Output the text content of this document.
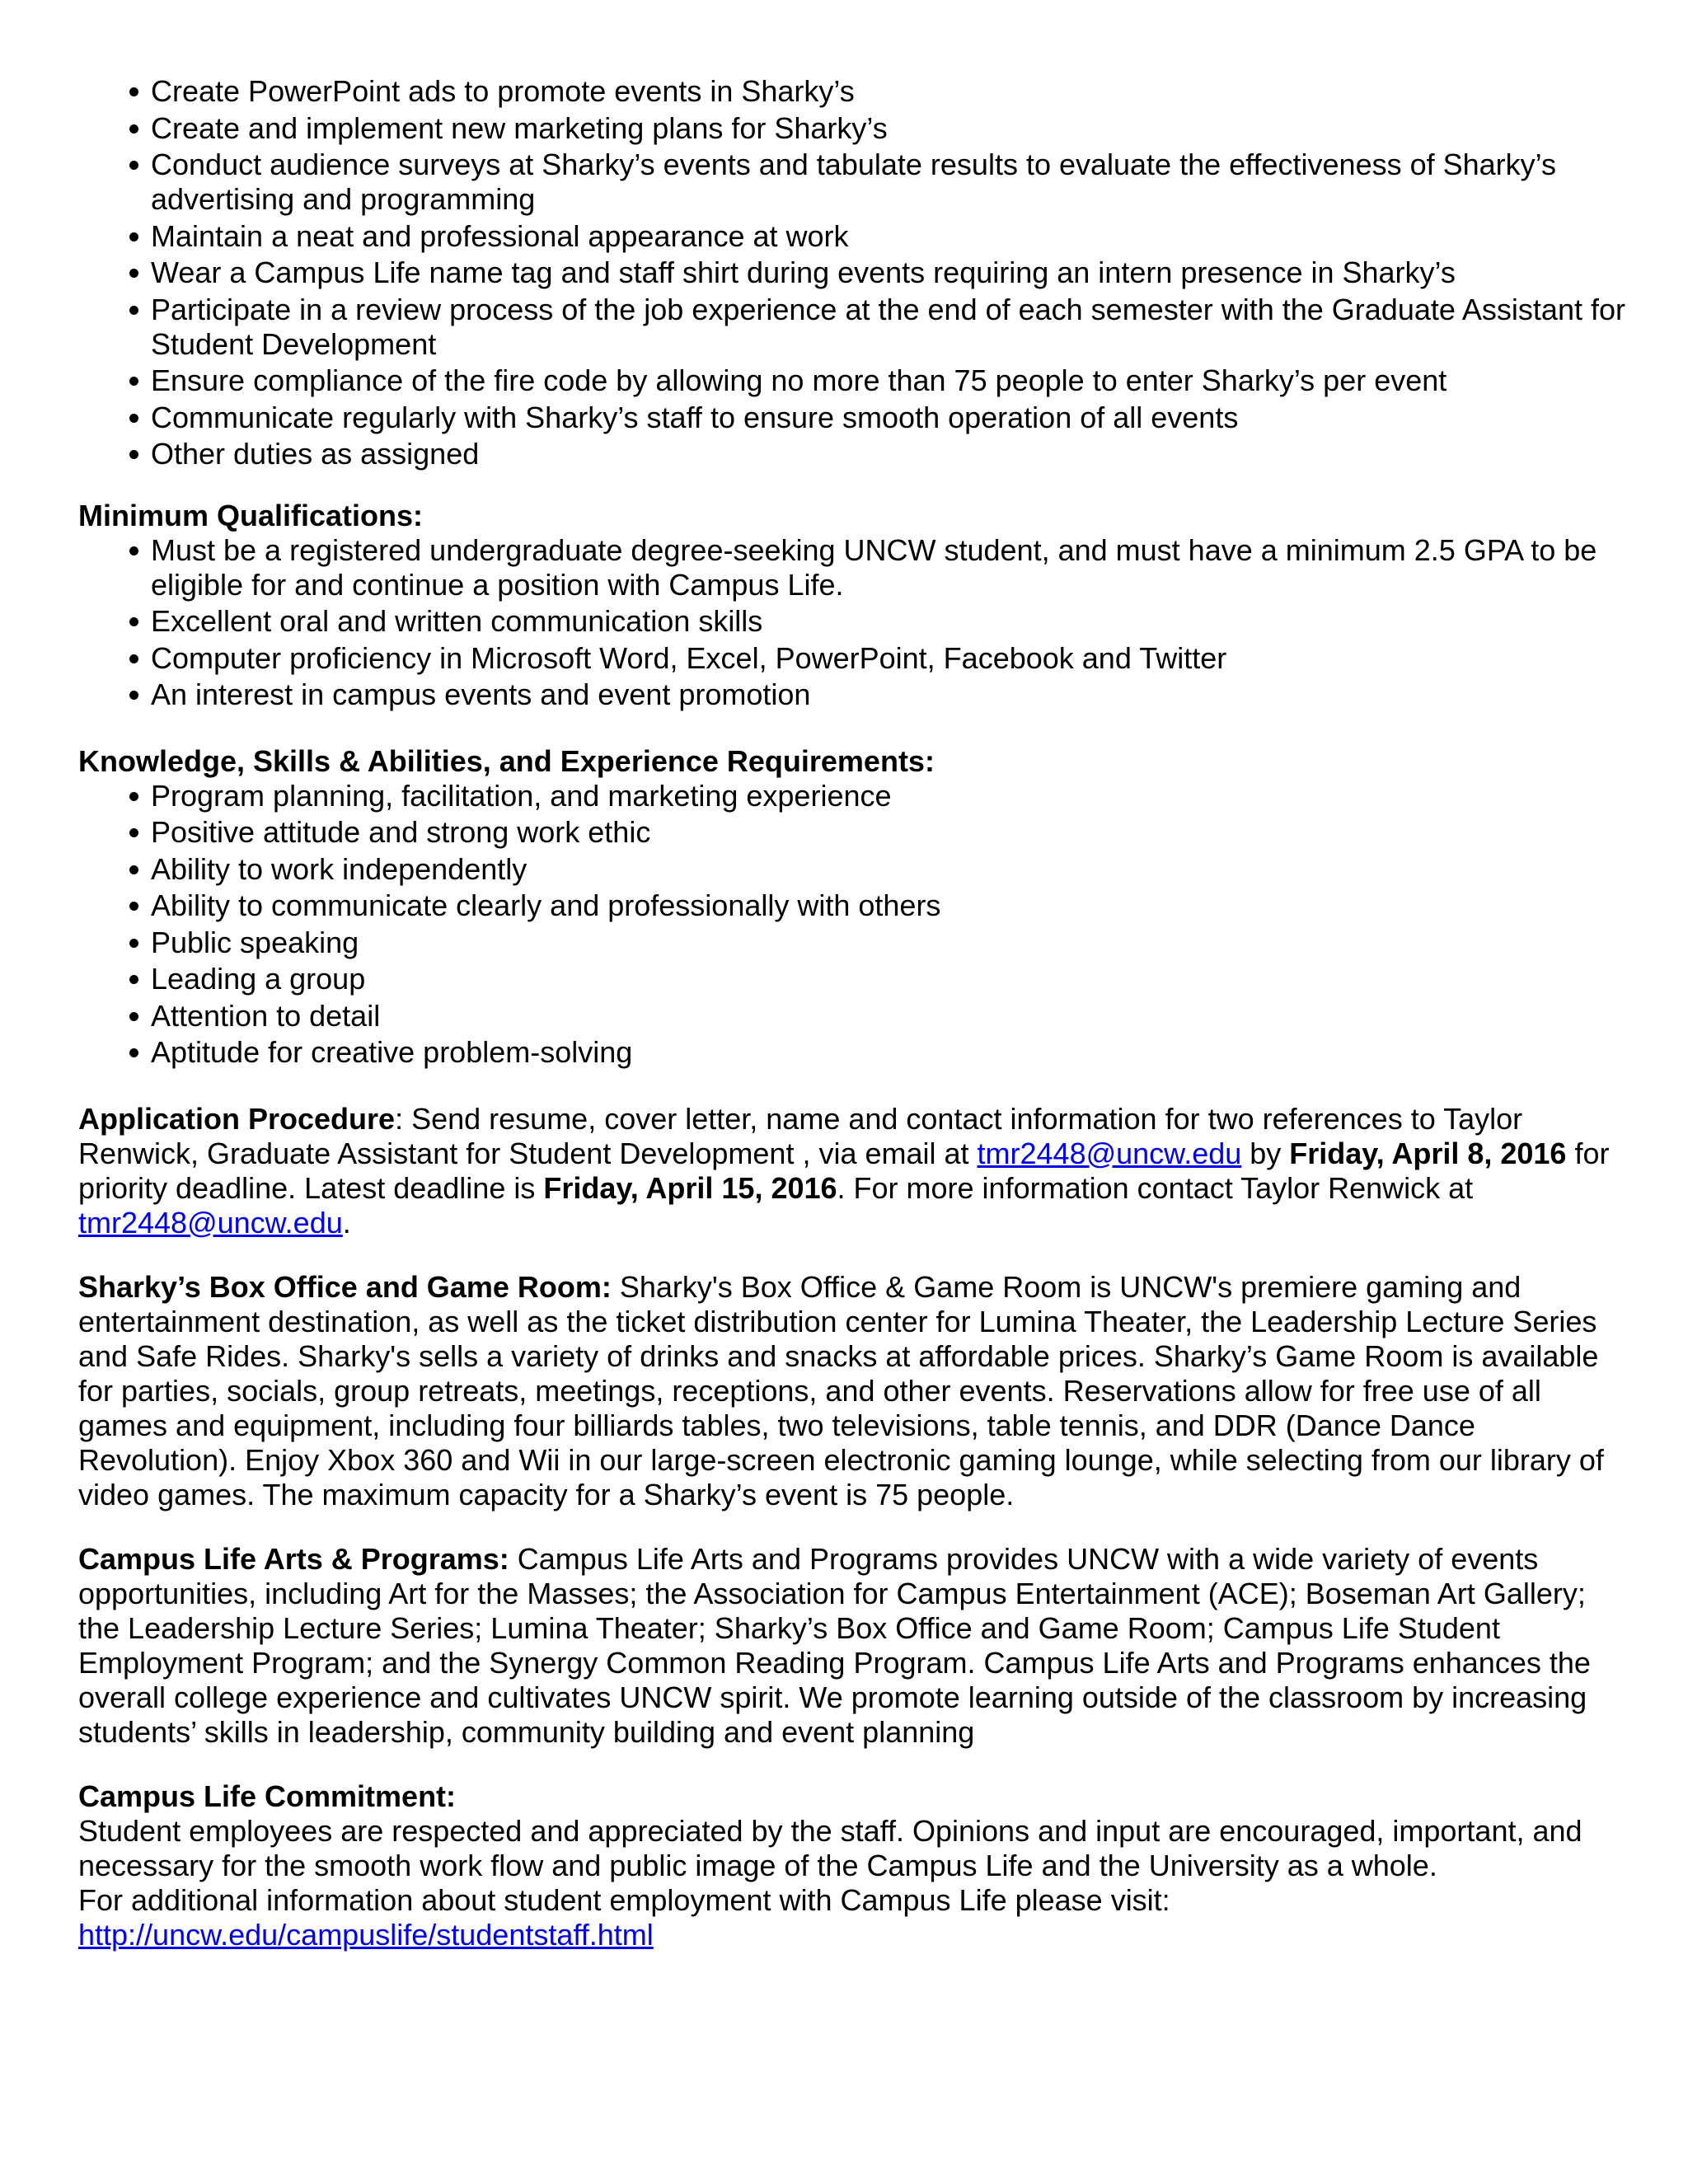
Create PowerPoint ads to promote events in Sharky’s
Create and implement new marketing plans for Sharky’s
Conduct audience surveys at Sharky’s events and tabulate results to evaluate the effectiveness of Sharky’s advertising and programming
Maintain a neat and professional appearance at work
Wear a Campus Life name tag and staff shirt during events requiring an intern presence in Sharky’s
Participate in a review process of the job experience at the end of each semester with the Graduate Assistant for Student Development
Ensure compliance of the fire code by allowing no more than 75 people to enter Sharky’s per event
Communicate regularly with Sharky’s staff to ensure smooth operation of all events
Other duties as assigned

Minimum Qualifications:

Must be a registered undergraduate degree-seeking UNCW student, and must have a minimum 2.5 GPA to be eligible for and continue a position with Campus Life.
Excellent oral and written communication skills
Computer proficiency in Microsoft Word, Excel, PowerPoint, Facebook and Twitter
An interest in campus events and event promotion

Knowledge, Skills & Abilities, and Experience Requirements:

Program planning, facilitation, and marketing experience
Positive attitude and strong work ethic
Ability to work independently
Ability to communicate clearly and professionally with others
Public speaking
Leading a group
Attention to detail
Aptitude for creative problem-solving

Application Procedure: Send resume, cover letter, name and contact information for two references to Taylor Renwick, Graduate Assistant for Student Development , via email at tmr2448@uncw.edu by Friday, April 8, 2016 for priority deadline. Latest deadline is Friday, April 15, 2016. For more information contact Taylor Renwick at tmr2448@uncw.edu.

Sharky’s Box Office and Game Room: Sharky's Box Office & Game Room is UNCW's premiere gaming and entertainment destination, as well as the ticket distribution center for Lumina Theater, the Leadership Lecture Series and Safe Rides. Sharky's sells a variety of drinks and snacks at affordable prices. Sharky’s Game Room is available for parties, socials, group retreats, meetings, receptions, and other events. Reservations allow for free use of all games and equipment, including four billiards tables, two televisions, table tennis, and DDR (Dance Dance Revolution). Enjoy Xbox 360 and Wii in our large-screen electronic gaming lounge, while selecting from our library of video games. The maximum capacity for a Sharky’s event is 75 people.

Campus Life Arts & Programs: Campus Life Arts and Programs provides UNCW with a wide variety of events opportunities, including Art for the Masses; the Association for Campus Entertainment (ACE); Boseman Art Gallery; the Leadership Lecture Series; Lumina Theater; Sharky’s Box Office and Game Room; Campus Life Student Employment Program; and the Synergy Common Reading Program. Campus Life Arts and Programs enhances the overall college experience and cultivates UNCW spirit. We promote learning outside of the classroom by increasing students’ skills in leadership, community building and event planning

Campus Life Commitment:

Student employees are respected and appreciated by the staff. Opinions and input are encouraged, important, and necessary for the smooth work flow and public image of the Campus Life and the University as a whole.

For additional information about student employment with Campus Life please visit:

http://uncw.edu/campuslife/studentstaff.html
